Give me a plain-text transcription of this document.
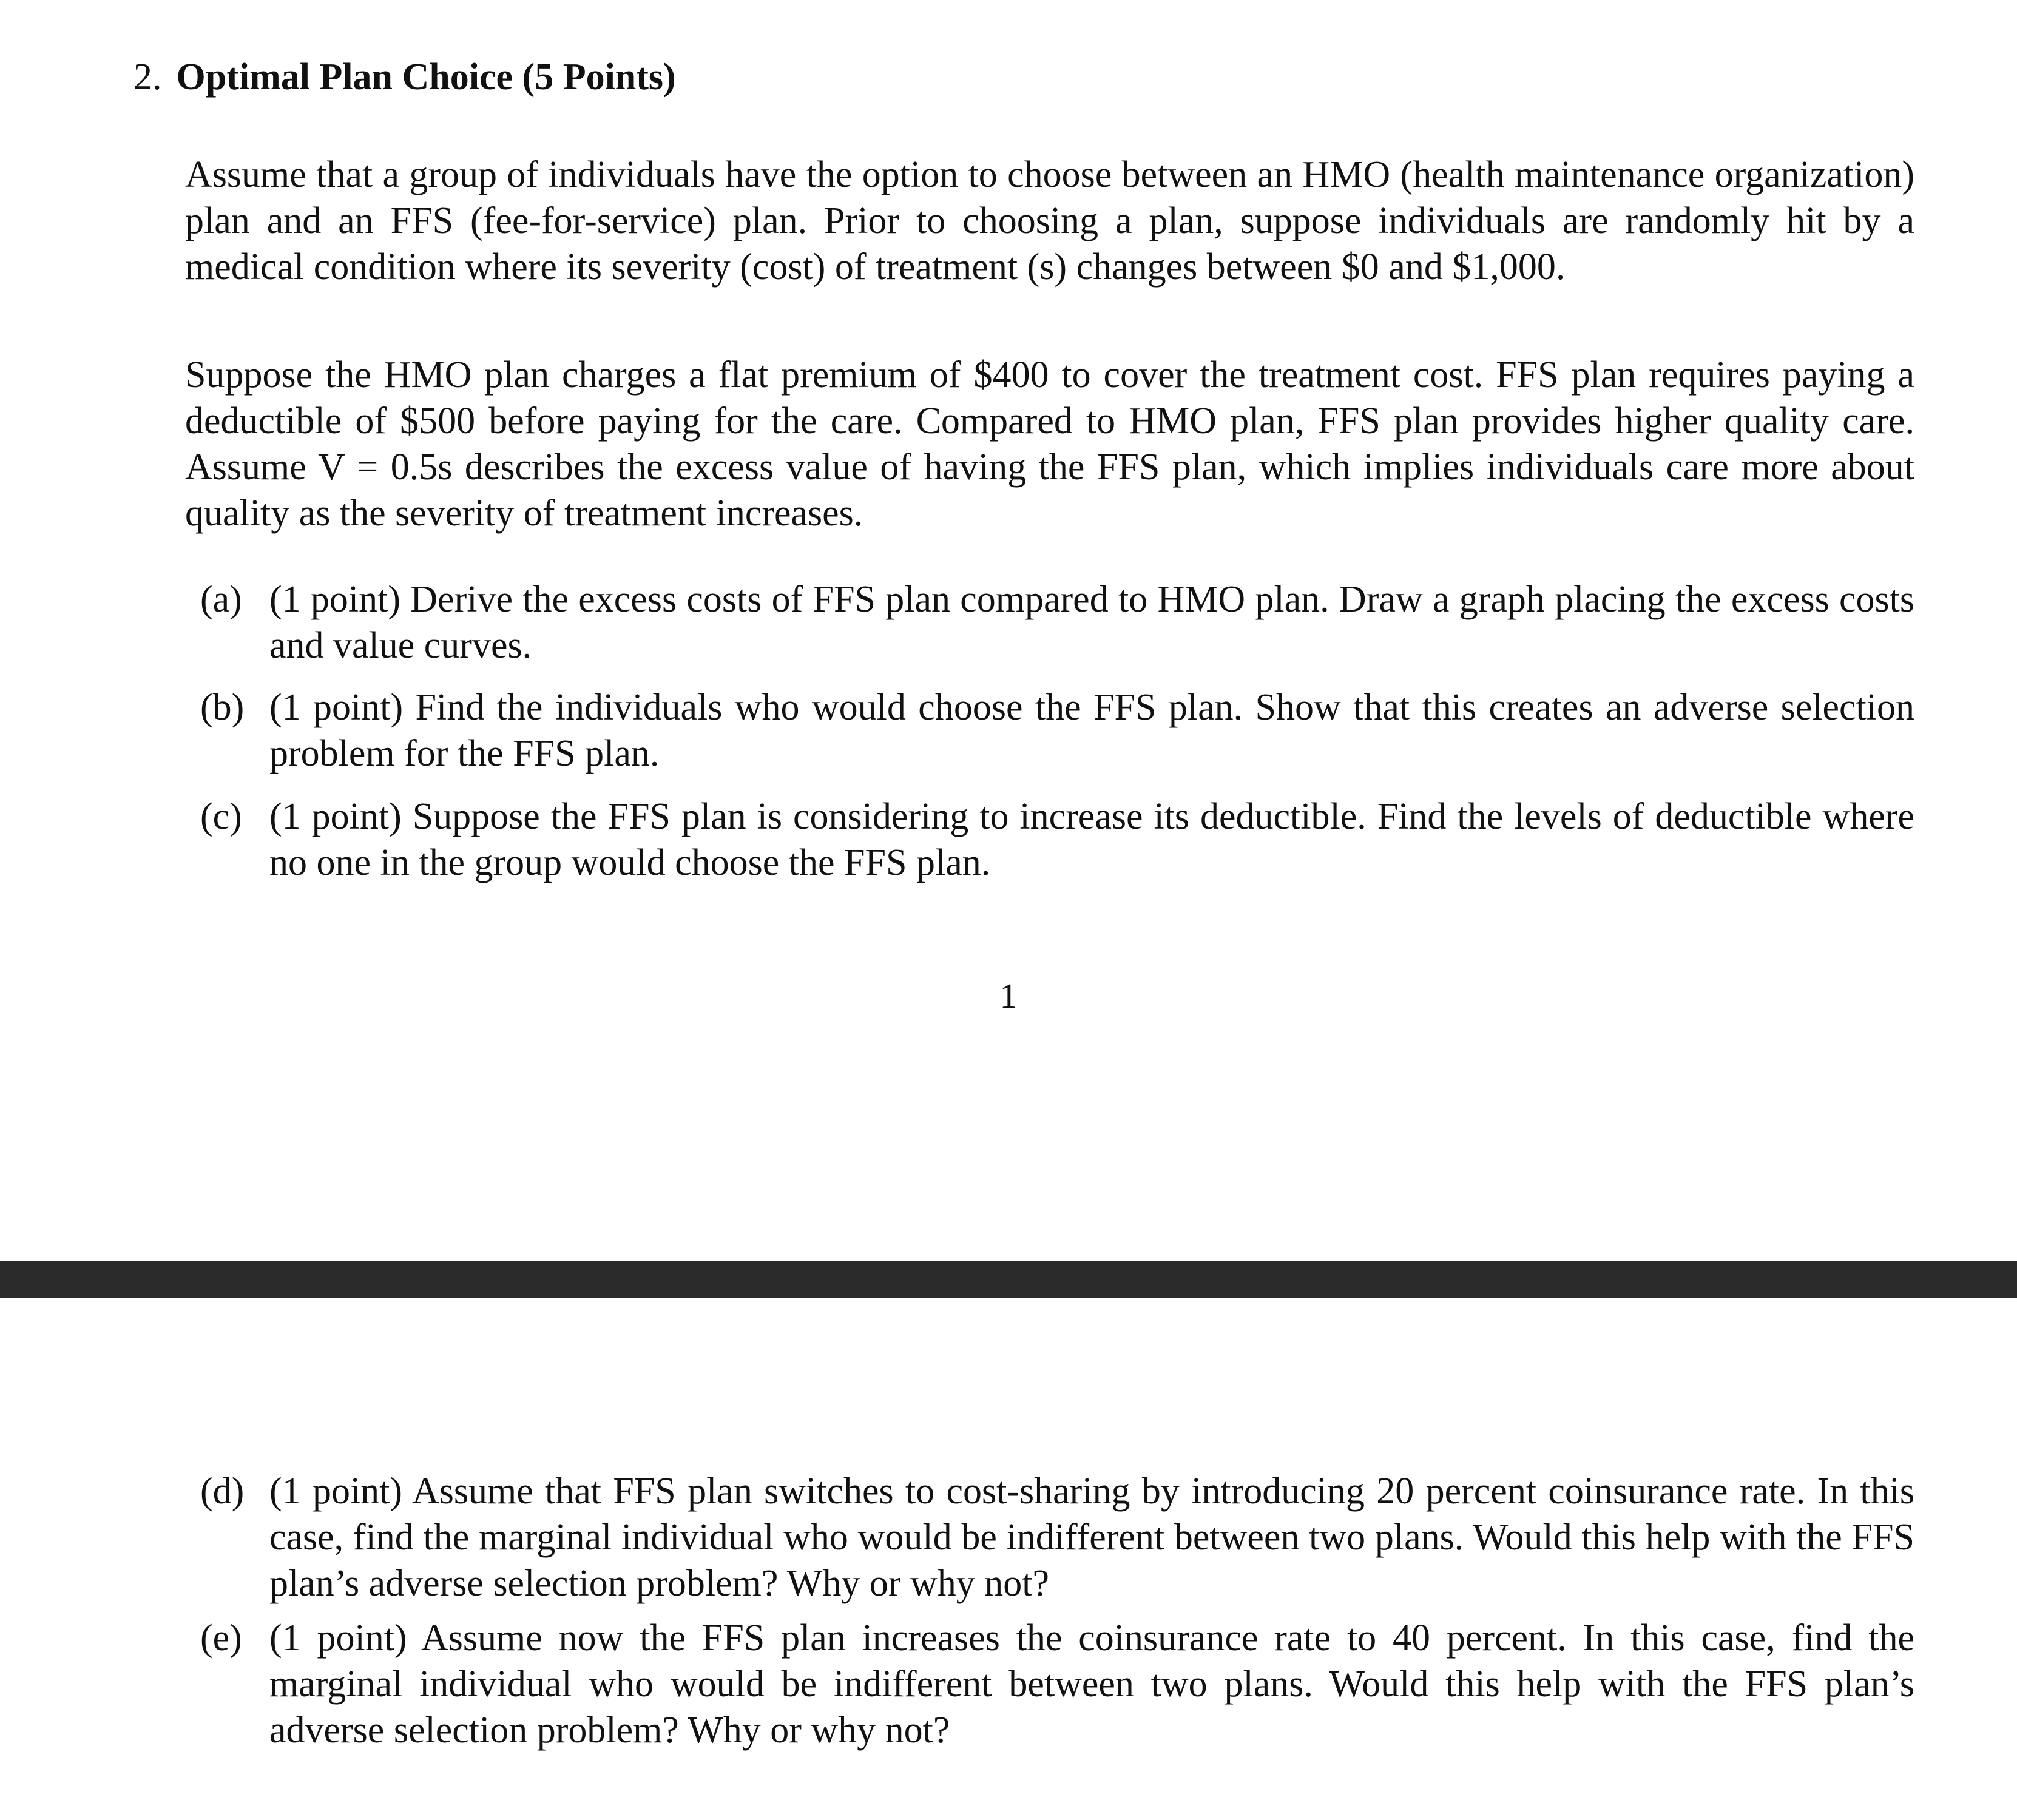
2. Optimal Plan Choice (5 Points)
Assume that a group of individuals have the option to choose between an HMO (health maintenance organization) plan and an FFS (fee-for-service) plan. Prior to choosing a plan, suppose individuals are randomly hit by a medical condition where its severity (cost) of treatment (s) changes between $0 and $1,000.
Suppose the HMO plan charges a flat premium of $400 to cover the treatment cost. FFS plan requires paying a deductible of $500 before paying for the care. Compared to HMO plan, FFS plan provides higher quality care. Assume V = 0.5s describes the excess value of having the FFS plan, which implies individuals care more about quality as the severity of treatment increases.
(a) (1 point) Derive the excess costs of FFS plan compared to HMO plan. Draw a graph placing the excess costs and value curves.
(b) (1 point) Find the individuals who would choose the FFS plan. Show that this creates an adverse selection problem for the FFS plan.
(c) (1 point) Suppose the FFS plan is considering to increase its deductible. Find the levels of deductible where no one in the group would choose the FFS plan.
1
(d) (1 point) Assume that FFS plan switches to cost-sharing by introducing 20 percent coinsurance rate. In this case, find the marginal individual who would be indifferent between two plans. Would this help with the FFS plan’s adverse selection problem? Why or why not?
(e) (1 point) Assume now the FFS plan increases the coinsurance rate to 40 percent. In this case, find the marginal individual who would be indifferent between two plans. Would this help with the FFS plan’s adverse selection problem? Why or why not?
